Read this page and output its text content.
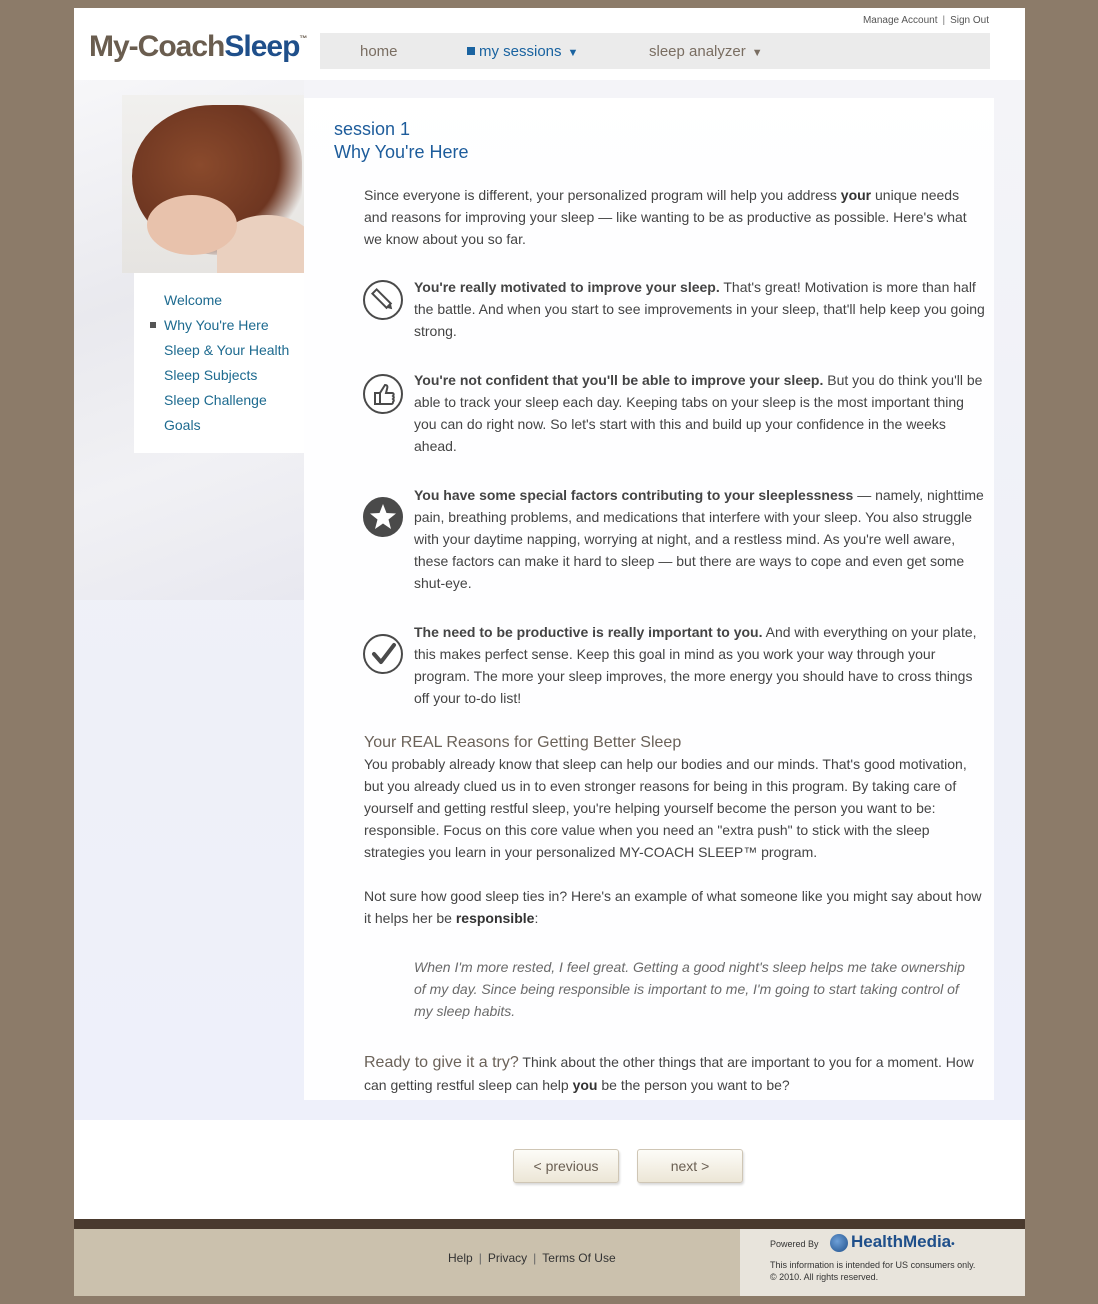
My-CoachSleep™
Manage Account | Sign Out
home	my sessions ▼	sleep analyzer ▼
Welcome
Why You're Here
Sleep & Your Health
Sleep Subjects
Sleep Challenge
Goals
session 1
Why You're Here
Since everyone is different, your personalized program will help you address your unique needs and reasons for improving your sleep — like wanting to be as productive as possible. Here's what we know about you so far.
You're really motivated to improve your sleep. That's great! Motivation is more than half the battle. And when you start to see improvements in your sleep, that'll help keep you going strong.
You're not confident that you'll be able to improve your sleep. But you do think you'll be able to track your sleep each day. Keeping tabs on your sleep is the most important thing you can do right now. So let's start with this and build up your confidence in the weeks ahead.
You have some special factors contributing to your sleeplessness — namely, nighttime pain, breathing problems, and medications that interfere with your sleep. You also struggle with your daytime napping, worrying at night, and a restless mind. As you're well aware, these factors can make it hard to sleep — but there are ways to cope and even get some shut-eye.
The need to be productive is really important to you. And with everything on your plate, this makes perfect sense. Keep this goal in mind as you work your way through your program. The more your sleep improves, the more energy you should have to cross things off your to-do list!
Your REAL Reasons for Getting Better Sleep
You probably already know that sleep can help our bodies and our minds. That's good motivation, but you already clued us in to even stronger reasons for being in this program. By taking care of yourself and getting restful sleep, you're helping yourself become the person you want to be: responsible. Focus on this core value when you need an "extra push" to stick with the sleep strategies you learn in your personalized MY-COACH SLEEP™ program.
Not sure how good sleep ties in? Here's an example of what someone like you might say about how it helps her be responsible:
When I'm more rested, I feel great. Getting a good night's sleep helps me take ownership of my day. Since being responsible is important to me, I'm going to start taking control of my sleep habits.
Ready to give it a try? Think about the other things that are important to you for a moment. How can getting restful sleep can help you be the person you want to be?
< previous	next >
Help | Privacy | Terms Of Use
Powered By	HealthMedia•
This information is intended for US consumers only.
© 2010. All rights reserved.
